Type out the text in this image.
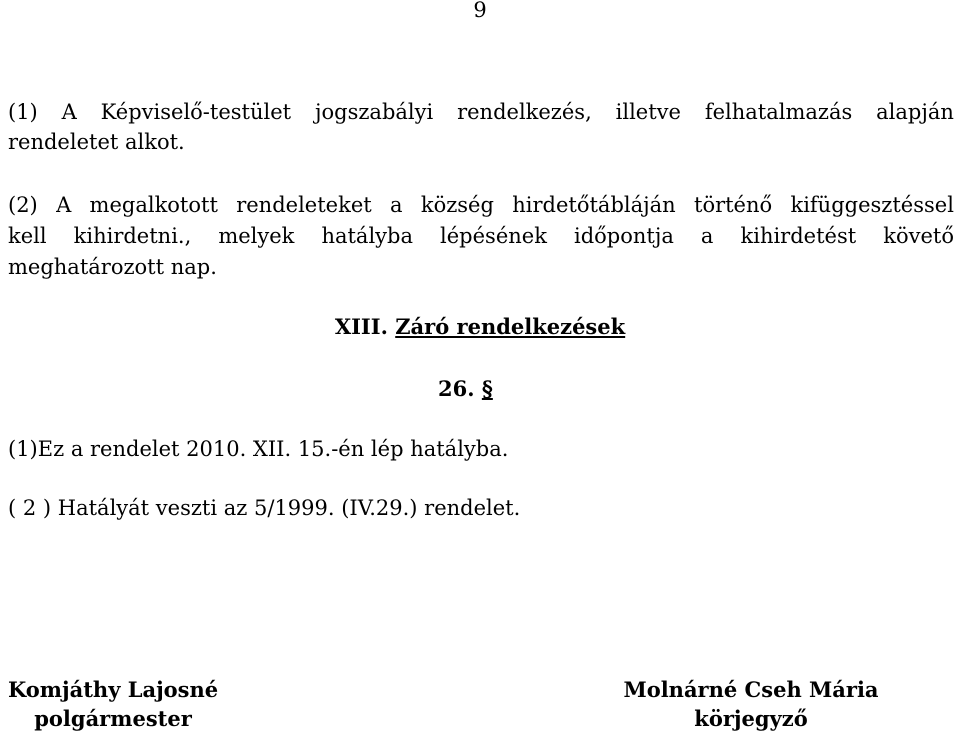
9
(1) A Képviselő-testület jogszabályi rendelkezés, illetve felhatalmazás alapján
rendeletet alkot.
(2) A megalkotott rendeleteket a község hirdetőtábláján történő kifüggesztéssel
kell kihirdetni., melyek hatályba lépésének időpontja a kihirdetést követő
meghatározott nap.
XIII. Záró rendelkezések
26. §
(1)Ez a rendelet 2010. XII. 15.-én lép hatályba.
( 2 ) Hatályát veszti az 5/1999. (IV.29.) rendelet.
Komjáthy Lajosné
polgármester
Molnárné Cseh Mária
körjegyző
